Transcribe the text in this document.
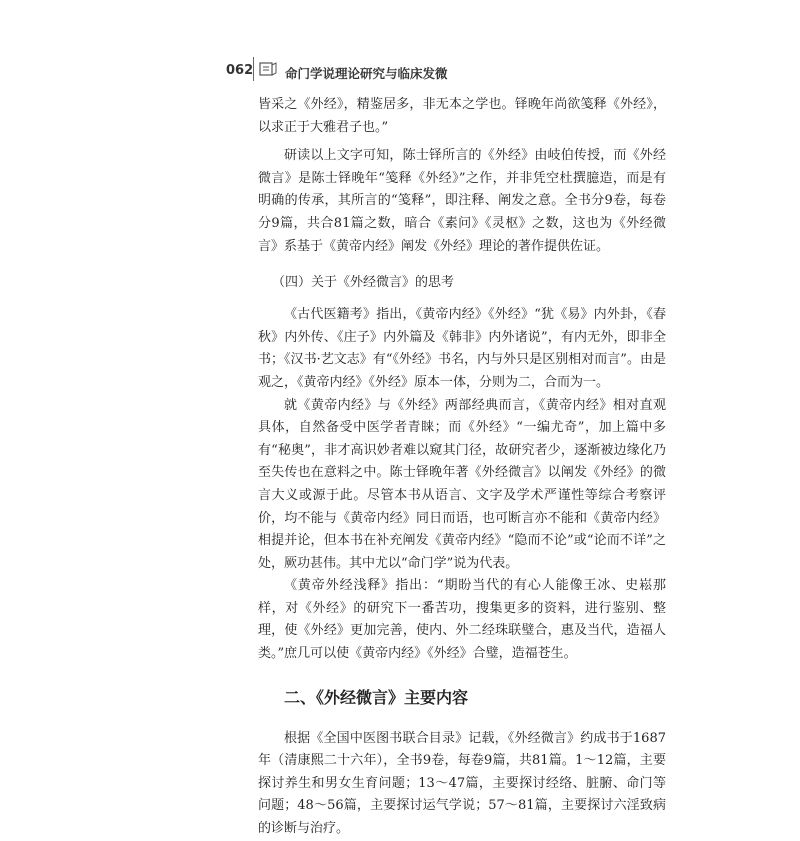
062	命门学说理论研究与临床发微

皆采之《外经》，精鉴居多，非无本之学也。铎晚年尚欲笺释《外经》，以求正于大雅君子也。”

研读以上文字可知，陈士铎所言的《外经》由岐伯传授，而《外经微言》是陈士铎晚年“笺释《外经》”之作，并非凭空杜撰臆造，而是有明确的传承，其所言的“笺释”，即注释、阐发之意。全书分9卷，每卷分9篇，共合81篇之数，暗合《素问》《灵枢》之数，这也为《外经微言》系基于《黄帝内经》阐发《外经》理论的著作提供佐证。

（四）关于《外经微言》的思考

《古代医籍考》指出，《黄帝内经》《外经》“犹《易》内外卦，《春秋》内外传、《庄子》内外篇及《韩非》内外诸说”，有内无外，即非全书；《汉书·艺文志》有“《外经》书名，内与外只是区别相对而言”。由是观之，《黄帝内经》《外经》原本一体，分则为二，合而为一。

就《黄帝内经》与《外经》两部经典而言，《黄帝内经》相对直观具体，自然备受中医学者青睐；而《外经》“一编尤奇”，加上篇中多有“秘奥”，非才高识妙者难以窥其门径，故研究者少，逐渐被边缘化乃至失传也在意料之中。陈士铎晚年著《外经微言》以阐发《外经》的微言大义或源于此。尽管本书从语言、文字及学术严谨性等综合考察评价，均不能与《黄帝内经》同日而语，也可断言亦不能和《黄帝内经》相提并论，但本书在补充阐发《黄帝内经》“隐而不论”或“论而不详”之处，厥功甚伟。其中尤以“命门学”说为代表。

《黄帝外经浅释》指出：“期盼当代的有心人能像王冰、史崧那样，对《外经》的研究下一番苦功，搜集更多的资料，进行鉴别、整理，使《外经》更加完善，使内、外二经珠联璧合，惠及当代，造福人类。”庶几可以使《黄帝内经》《外经》合璧，造福苍生。

二、《外经微言》主要内容

根据《全国中医图书联合目录》记载，《外经微言》约成书于1687年（清康熙二十六年），全书9卷，每卷9篇，共81篇。1～12篇，主要探讨养生和男女生育问题；13～47篇，主要探讨经络、脏腑、命门等问题；48～56篇，主要探讨运气学说；57～81篇，主要探讨六淫致病的诊断与治疗。
